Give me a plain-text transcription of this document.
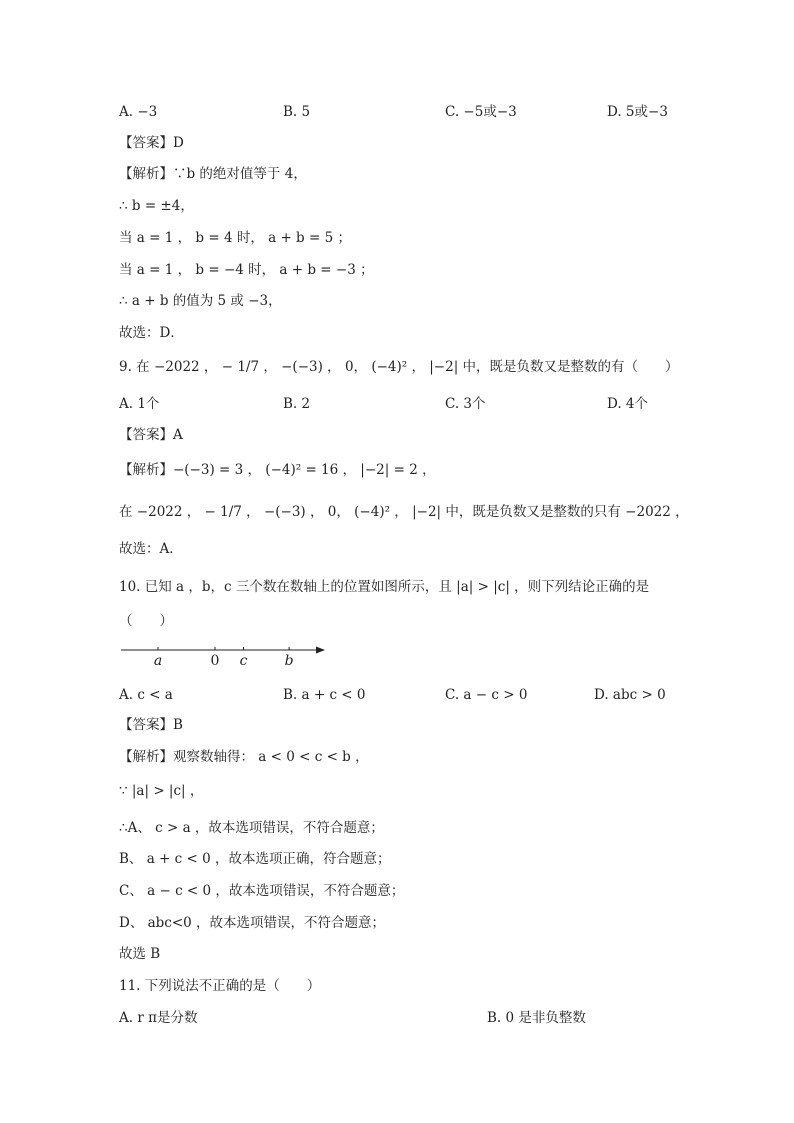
A. −3	B. 5	C. −5或−3	D. 5或−3
【答案】D
【解析】∵b 的绝对值等于 4，
∴ b = ±4，
当 a = 1 ， b = 4 时， a + b = 5 ；
当 a = 1 ， b = −4 时， a + b = −3 ；
∴ a + b 的值为 5 或 −3，
故选：D．
9. 在 −2022 ， − 1/7 ， −(−3) ， 0， (−4)² ， |−2| 中，既是负数又是整数的有（　　）
A. 1个	B. 2	C. 3个	D. 4个
【答案】A
【解析】−(−3) = 3 ， (−4)² = 16 ， |−2| = 2 ，
在 −2022 ， − 1/7 ， −(−3) ， 0， (−4)² ， |−2| 中，既是负数又是整数的只有 −2022 ，
故选：A．
10. 已知 a ，b，c 三个数在数轴上的位置如图所示，且 |a| > |c| ，则下列结论正确的是
（　　）
a	0 c	b
A. c < a	B. a + c < 0	C. a − c > 0	D. abc > 0
【答案】B
【解析】观察数轴得： a < 0 < c < b ，
∵ |a| > |c| ，
∴A、 c > a ，故本选项错误，不符合题意；
B、 a + c < 0 ，故本选项正确，符合题意；
C、 a − c < 0 ，故本选项错误，不符合题意；
D、 abc<0 ，故本选项错误，不符合题意；
故选 B
11. 下列说法不正确的是（　　）
A. r π是分数	B. 0 是非负整数
